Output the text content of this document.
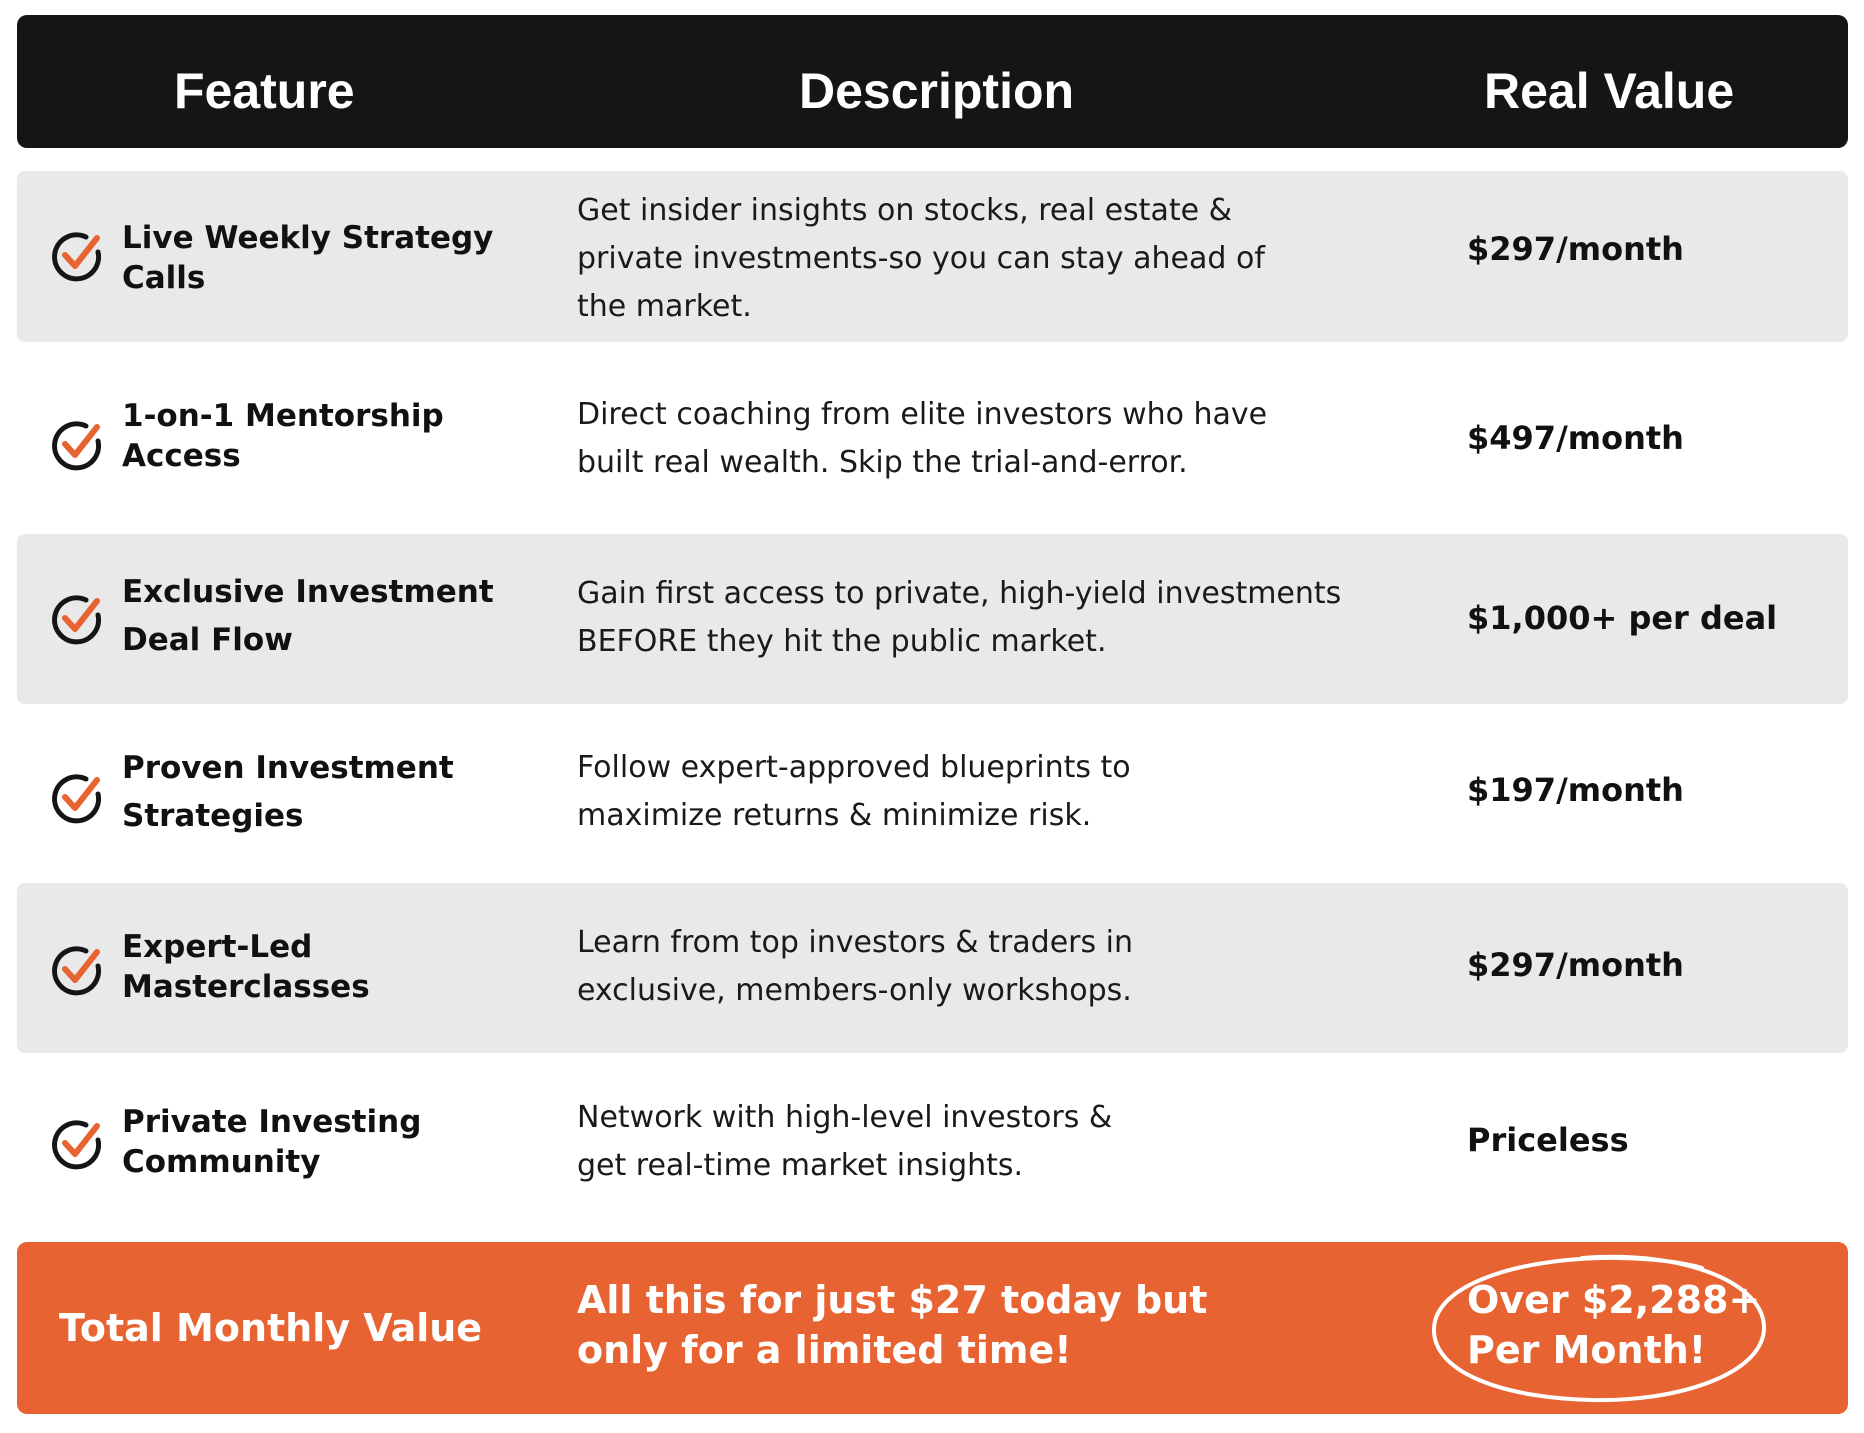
Feature	Description	Real Value
Live Weekly Strategy Calls
Get insider insights on stocks, real estate & private investments-so you can stay ahead of the market.
$297/month
1-on-1 Mentorship Access
Direct coaching from elite investors who have built real wealth. Skip the trial-and-error.
$497/month
Exclusive Investment Deal Flow
Gain first access to private, high-yield investments BEFORE they hit the public market.
$1,000+ per deal
Proven Investment Strategies
Follow expert-approved blueprints to maximize returns & minimize risk.
$197/month
Expert-Led Masterclasses
Learn from top investors & traders in exclusive, members-only workshops.
$297/month
Private Investing Community
Network with high-level investors & get real-time market insights.
Priceless
Total Monthly Value
All this for just $27 today but only for a limited time!
Over $2,288+ Per Month!
